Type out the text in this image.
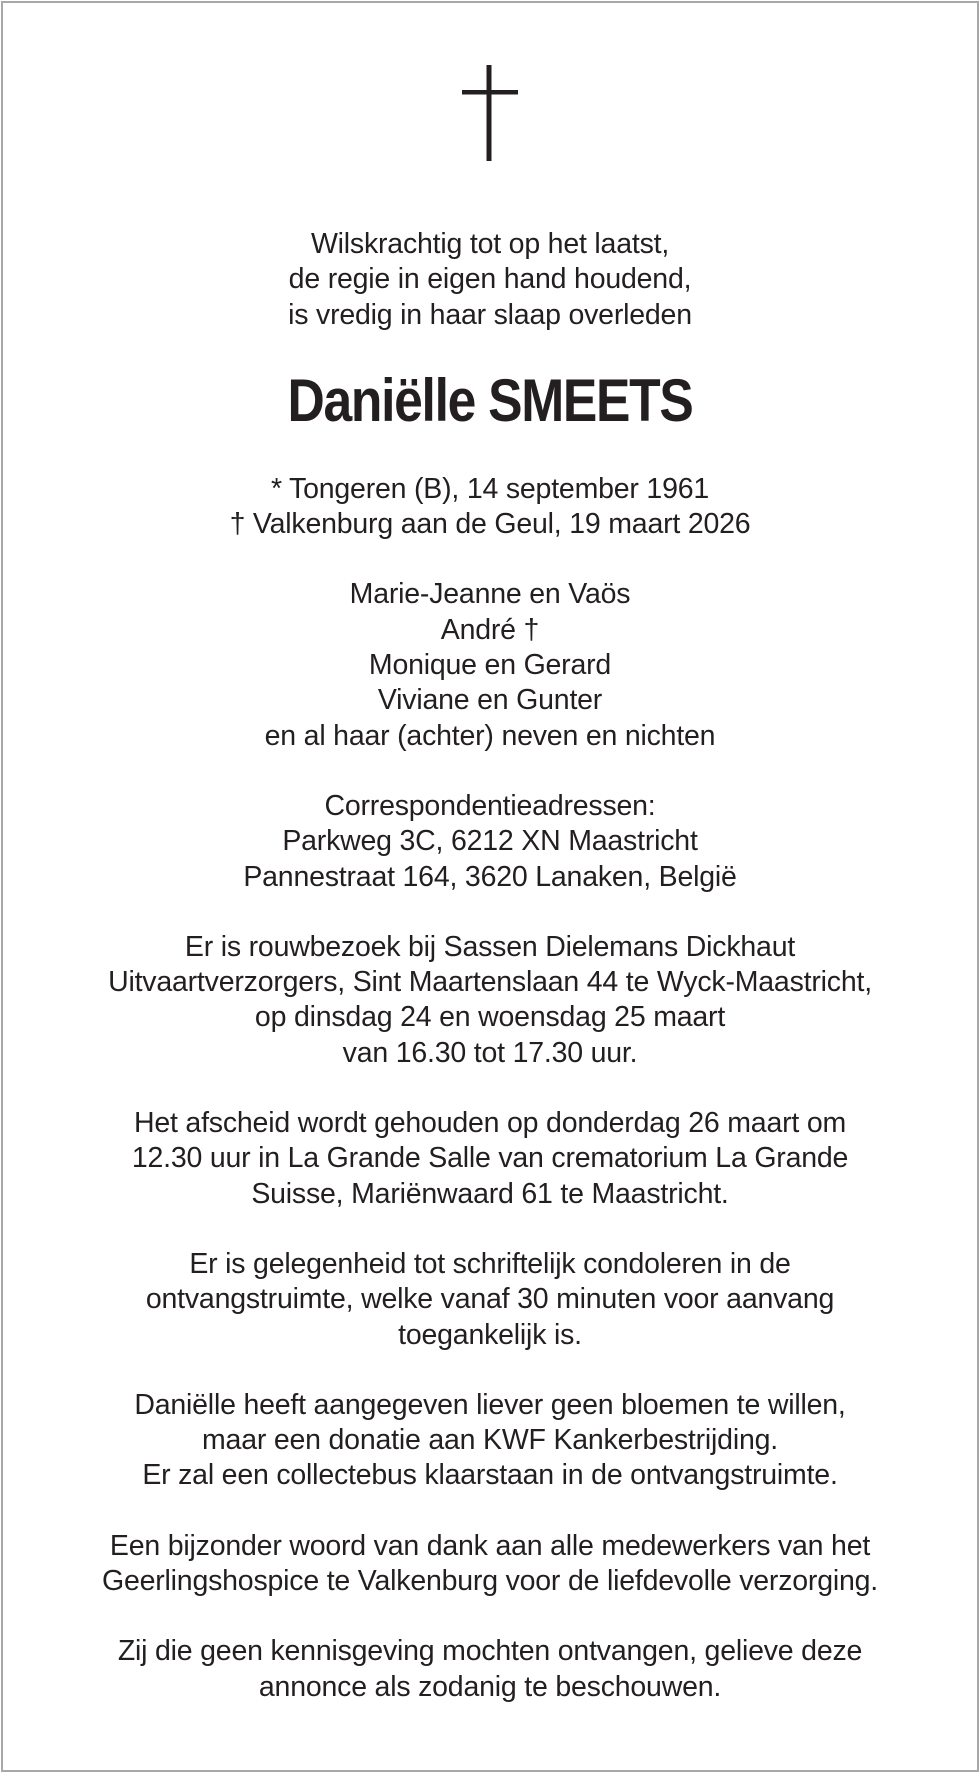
Wilskrachtig tot op het laatst,
de regie in eigen hand houdend,
is vredig in haar slaap overleden
Daniëlle SMEETS
* Tongeren (B), 14 september 1961
† Valkenburg aan de Geul, 19 maart 2026
Marie-Jeanne en Vaös
André †
Monique en Gerard
Viviane en Gunter
en al haar (achter) neven en nichten
Correspondentieadressen:
Parkweg 3C, 6212 XN Maastricht
Pannestraat 164, 3620 Lanaken, België
Er is rouwbezoek bij Sassen Dielemans Dickhaut
Uitvaartverzorgers, Sint Maartenslaan 44 te Wyck-Maastricht,
op dinsdag 24 en woensdag 25 maart
van 16.30 tot 17.30 uur.
Het afscheid wordt gehouden op donderdag 26 maart om
12.30 uur in La Grande Salle van crematorium La Grande
Suisse, Mariënwaard 61 te Maastricht.
Er is gelegenheid tot schriftelijk condoleren in de
ontvangstruimte, welke vanaf 30 minuten voor aanvang
toegankelijk is.
Daniëlle heeft aangegeven liever geen bloemen te willen,
maar een donatie aan KWF Kankerbestrijding.
Er zal een collectebus klaarstaan in de ontvangstruimte.
Een bijzonder woord van dank aan alle medewerkers van het
Geerlingshospice te Valkenburg voor de liefdevolle verzorging.
Zij die geen kennisgeving mochten ontvangen, gelieve deze
annonce als zodanig te beschouwen.
